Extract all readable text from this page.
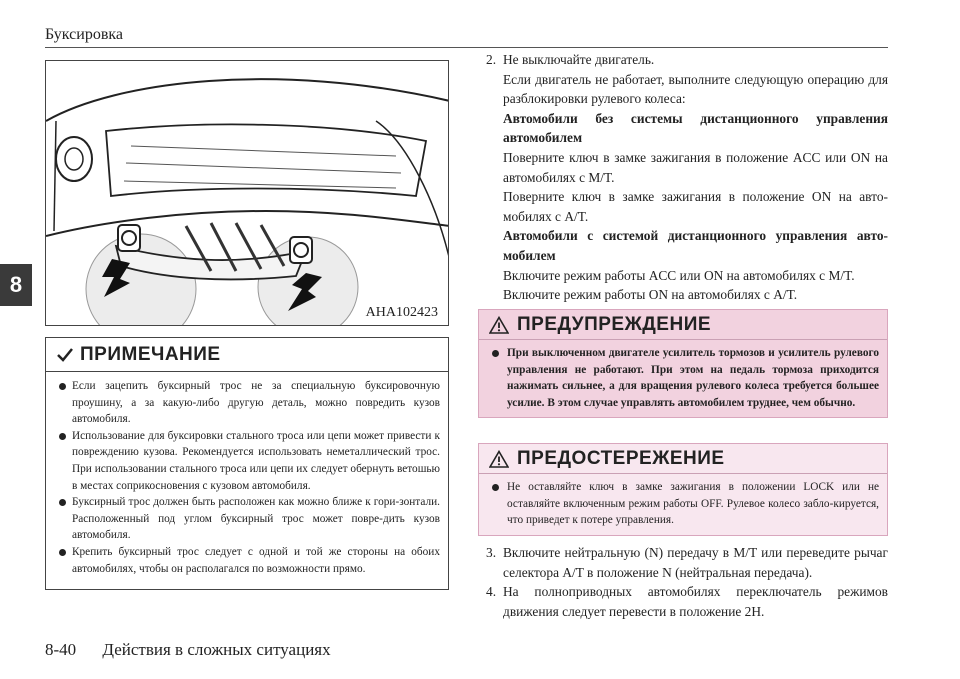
Буксировка
8
AHA102423
ПРИМЕЧАНИЕ
Если зацепить буксирный трос не за специальную буксировочную проушину, а за какую-либо другую деталь, можно повредить кузов автомобиля.
Использование для буксировки стального троса или цепи может привести к повреждению кузова. Рекомендуется использовать неметаллический трос. При использовании стального троса или цепи их следует обернуть ветошью в местах соприкосновения с кузовом автомобиля.
Буксирный трос должен быть расположен как можно ближе к гори-зонтали. Расположенный под углом буксирный трос может повре-дить кузов автомобиля.
Крепить буксирный трос следует с одной и той же стороны на обоих автомобилях, чтобы он располагался по возможности прямо.
2. Не выключайте двигатель.
Если двигатель не работает, выполните следующую операцию для разблокировки рулевого колеса:
Автомобили без системы дистанционного управления автомобилем
Поверните ключ в замке зажигания в положение ACC или ON на автомобилях с M/T.
Поверните ключ в замке зажигания в положение ON на авто-мобилях с A/T.
Автомобили с системой дистанционного управления авто-мобилем
Включите режим работы ACC или ON на автомобилях с M/T.
Включите режим работы ON на автомобилях с A/T.
ПРЕДУПРЕЖДЕНИЕ
При выключенном двигателе усилитель тормозов и усилитель рулевого управления не работают. При этом на педаль тормоза приходится нажимать сильнее, а для вращения рулевого колеса требуется большее усилие. В этом случае управлять автомобилем труднее, чем обычно.
ПРЕДОСТЕРЕЖЕНИЕ
Не оставляйте ключ в замке зажигания в положении LOCK или не оставляйте включенным режим работы OFF. Рулевое колесо забло-кируется, что приведет к потере управления.
3. Включите нейтральную (N) передачу в M/T или переведите рычаг селектора A/T в положение N (нейтральная передача).
4. На полноприводных автомобилях переключатель режимов движения следует перевести в положение 2H.
8-40 Действия в сложных ситуациях
